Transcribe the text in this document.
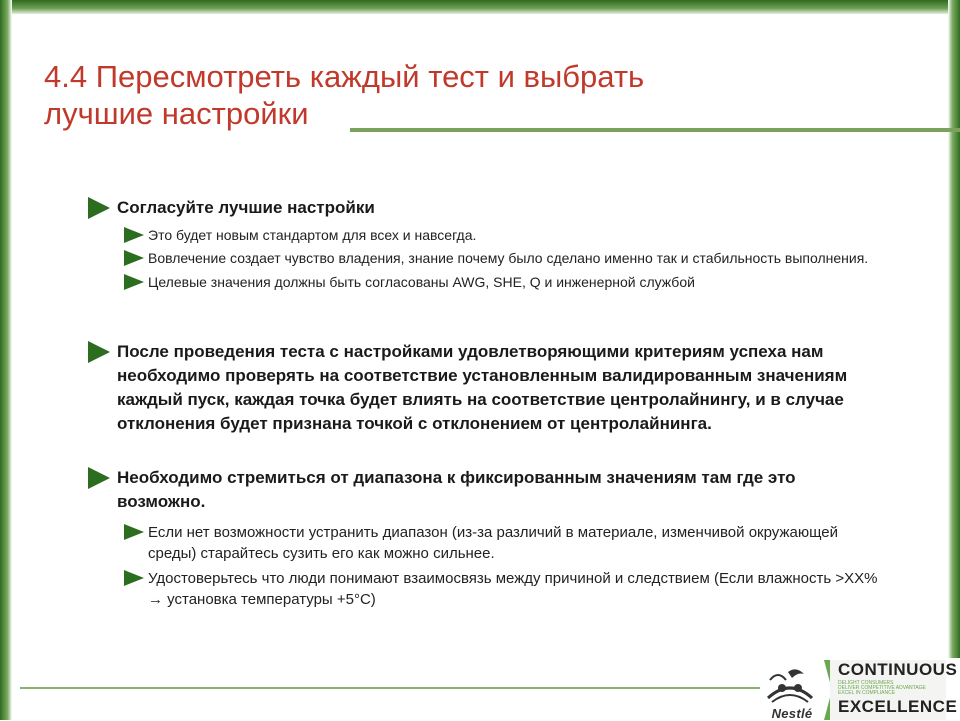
4.4 Пересмотреть каждый тест и выбрать
лучшие настройки
Согласуйте лучшие настройки
Это будет новым стандартом для всех и навсегда.
Вовлечение создает чувство владения, знание почему было сделано именно так и стабильность выполнения.
Целевые значения должны быть согласованы AWG, SHE, Q и инженерной службой
После проведения теста с настройками удовлетворяющими критериям успеха нам необходимо проверять на соответствие установленным валидированным значениям каждый пуск, каждая точка будет влиять на соответствие центролайнингу, и в случае отклонения будет признана точкой с отклонением от центролайнинга.
Необходимо стремиться от диапазона к фиксированным значениям там где это возможно.
Если нет возможности устранить диапазон (из-за различий в материале, изменчивой окружающей среды) старайтесь сузить его как можно сильнее.
Удостоверьтесь что люди понимают взаимосвязь между причиной и следствием (Если влажность >XX% → установка температуры +5°C)
Nestlé
CONTINUOUS
DELIGHT CONSUMERS
DELIVER COMPETITIVE ADVANTAGE
EXCEL IN COMPLIANCE
EXCELLENCE
